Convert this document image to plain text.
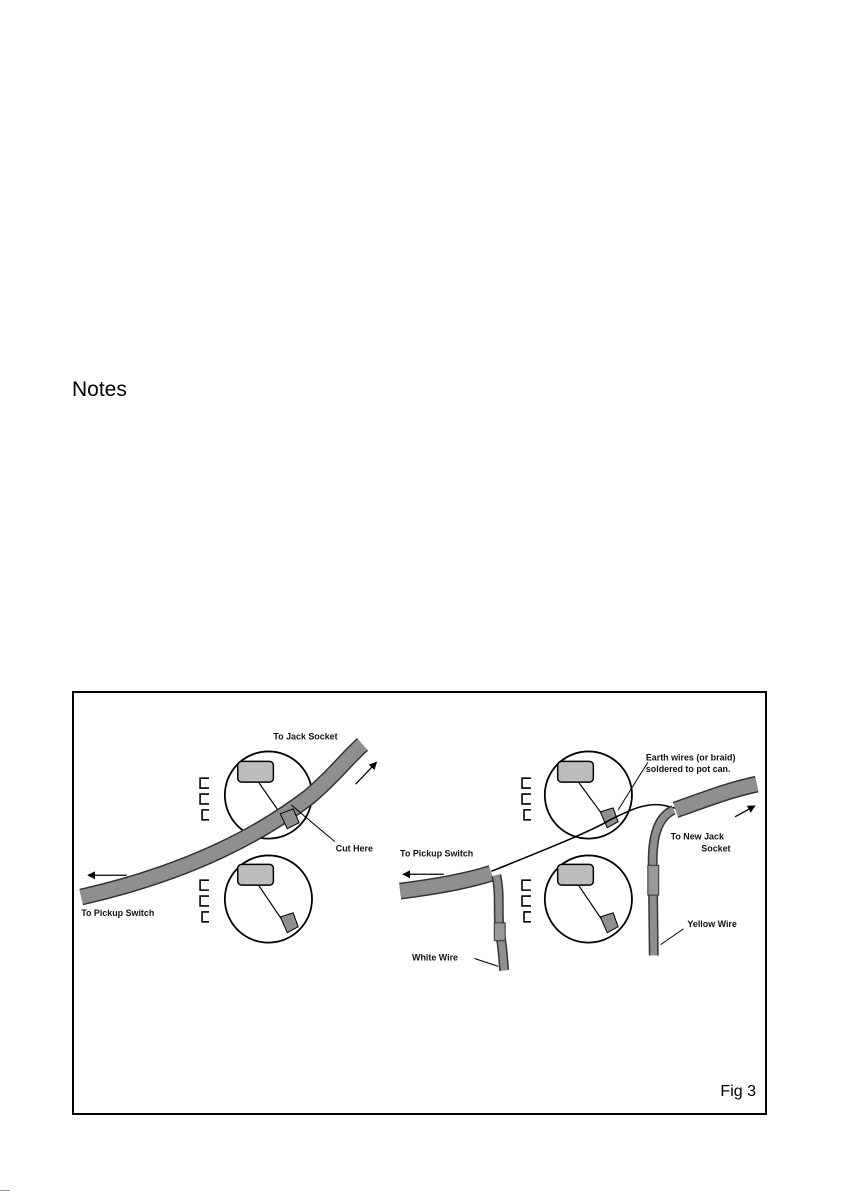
Notes
To Jack Socket
Cut Here
To Pickup Switch
Earth wires (or braid)
soldered to pot can.
To Pickup Switch
To New Jack
Socket
Yellow Wire
White Wire
Fig 3
